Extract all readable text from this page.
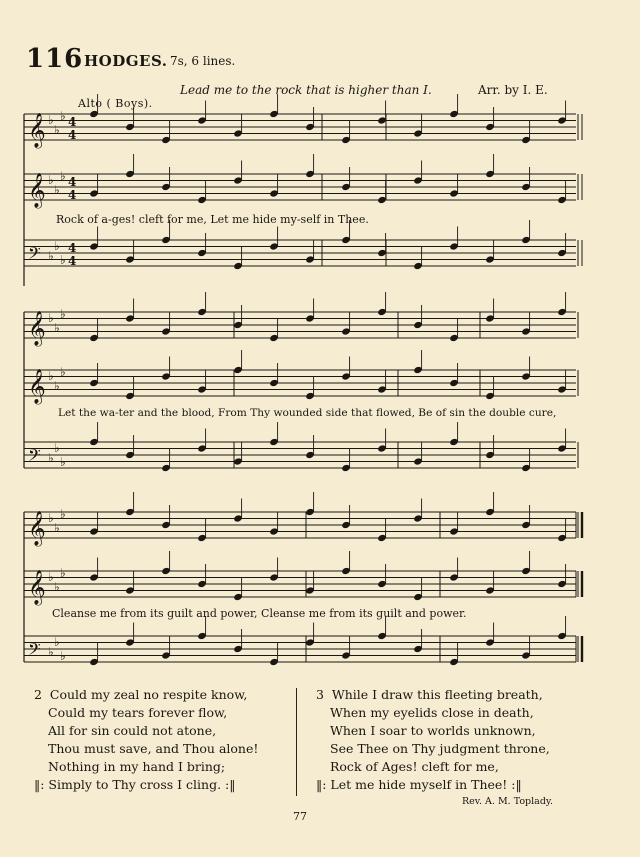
116 HODGES. 7s, 6 lines.
Lead me to the rock that is higher than I.	Arr. by I. E.
Alto ( Boys).
𝄞 ♭
♭
♭ 4
4
𝄞 ♭
♭
♭ 4
4
𝄢 ♭
♭
♭
4
4
𝄞 ♭
♭
♭
𝄞 ♭
♭
♭
𝄢 ♭
♭
♭
𝄞 ♭
♭
♭
𝄞 ♭
♭
♭
𝄢 ♭
♭
♭
Rock of a-ges! cleft for me, Let me hide my-self in Thee.
Let the wa-ter and the blood, From Thy wounded side that flowed, Be of sin the double cure,
Cleanse me from its guilt and power, Cleanse me from its guilt and power.
2 Could my zeal no respite know,
Could my tears forever flow,
All for sin could not atone,
Thou must save, and Thou alone!
Nothing in my hand I bring;
‖: Simply to Thy cross I cling. :‖
3 While I draw this fleeting breath,
When my eyelids close in death,
When I soar to worlds unknown,
See Thee on Thy judgment throne,
Rock of Ages! cleft for me,
‖: Let me hide myself in Thee! :‖
Rev. A. M. Toplady.
77
